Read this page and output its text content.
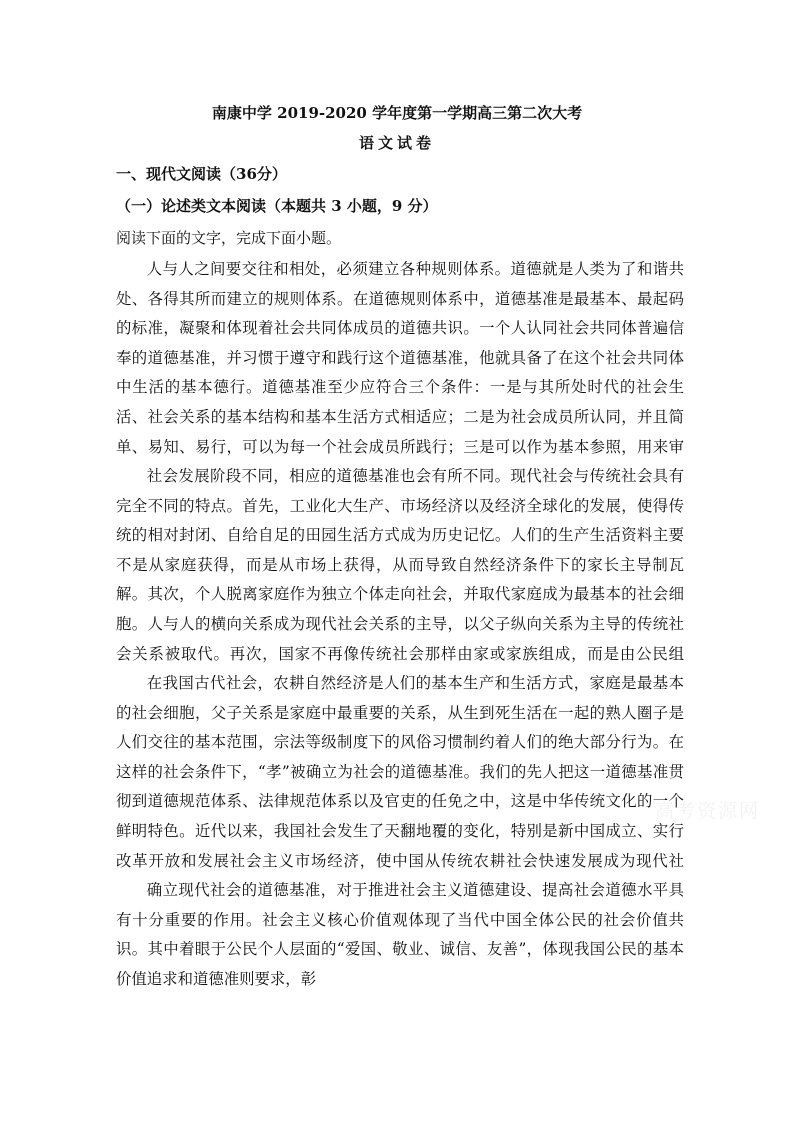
南康中学 2019-2020 学年度第一学期高三第二次大考
语文试卷
一、现代文阅读（36分）
（一）论述类文本阅读（本题共 3 小题，9 分）
阅读下面的文字，完成下面小题。

人与人之间要交往和相处，必须建立各种规则体系。道德就是人类为了和谐共处、各得其所而建立的规则体系。在道德规则体系中，道德基准是最基本、最起码的标准，凝聚和体现着社会共同体成员的道德共识。一个人认同社会共同体普遍信奉的道德基准，并习惯于遵守和践行这个道德基准，他就具备了在这个社会共同体中生活的基本德行。道德基准至少应符合三个条件：一是与其所处时代的社会生活、社会关系的基本结构和基本生活方式相适应；二是为社会成员所认同，并且简单、易知、易行，可以为每一个社会成员所践行；三是可以作为基本参照，用来审

社会发展阶段不同，相应的道德基准也会有所不同。现代社会与传统社会具有完全不同的特点。首先，工业化大生产、市场经济以及经济全球化的发展，使得传统的相对封闭、自给自足的田园生活方式成为历史记忆。人们的生产生活资料主要不是从家庭获得，而是从市场上获得，从而导致自然经济条件下的家长主导制瓦解。其次，个人脱离家庭作为独立个体走向社会，并取代家庭成为最基本的社会细胞。人与人的横向关系成为现代社会关系的主导，以父子纵向关系为主导的传统社会关系被取代。再次，国家不再像传统社会那样由家或家族组成，而是由公民组

在我国古代社会，农耕自然经济是人们的基本生产和生活方式，家庭是最基本的社会细胞，父子关系是家庭中最重要的关系，从生到死生活在一起的熟人圈子是人们交往的基本范围，宗法等级制度下的风俗习惯制约着人们的绝大部分行为。在这样的社会条件下，“孝”被确立为社会的道德基准。我们的先人把这一道德基准贯彻到道德规范体系、法律规范体系以及官吏的任免之中，这是中华传统文化的一个鲜明特色。近代以来，我国社会发生了天翻地覆的变化，特别是新中国成立、实行改革开放和发展社会主义市场经济，使中国从传统农耕社会快速发展成为现代社

确立现代社会的道德基准，对于推进社会主义道德建设、提高社会道德水平具有十分重要的作用。社会主义核心价值观体现了当代中国全体公民的社会价值共识。其中着眼于公民个人层面的“爱国、敬业、诚信、友善”，体现我国公民的基本价值追求和道德准则要求，彰

高考资源网
